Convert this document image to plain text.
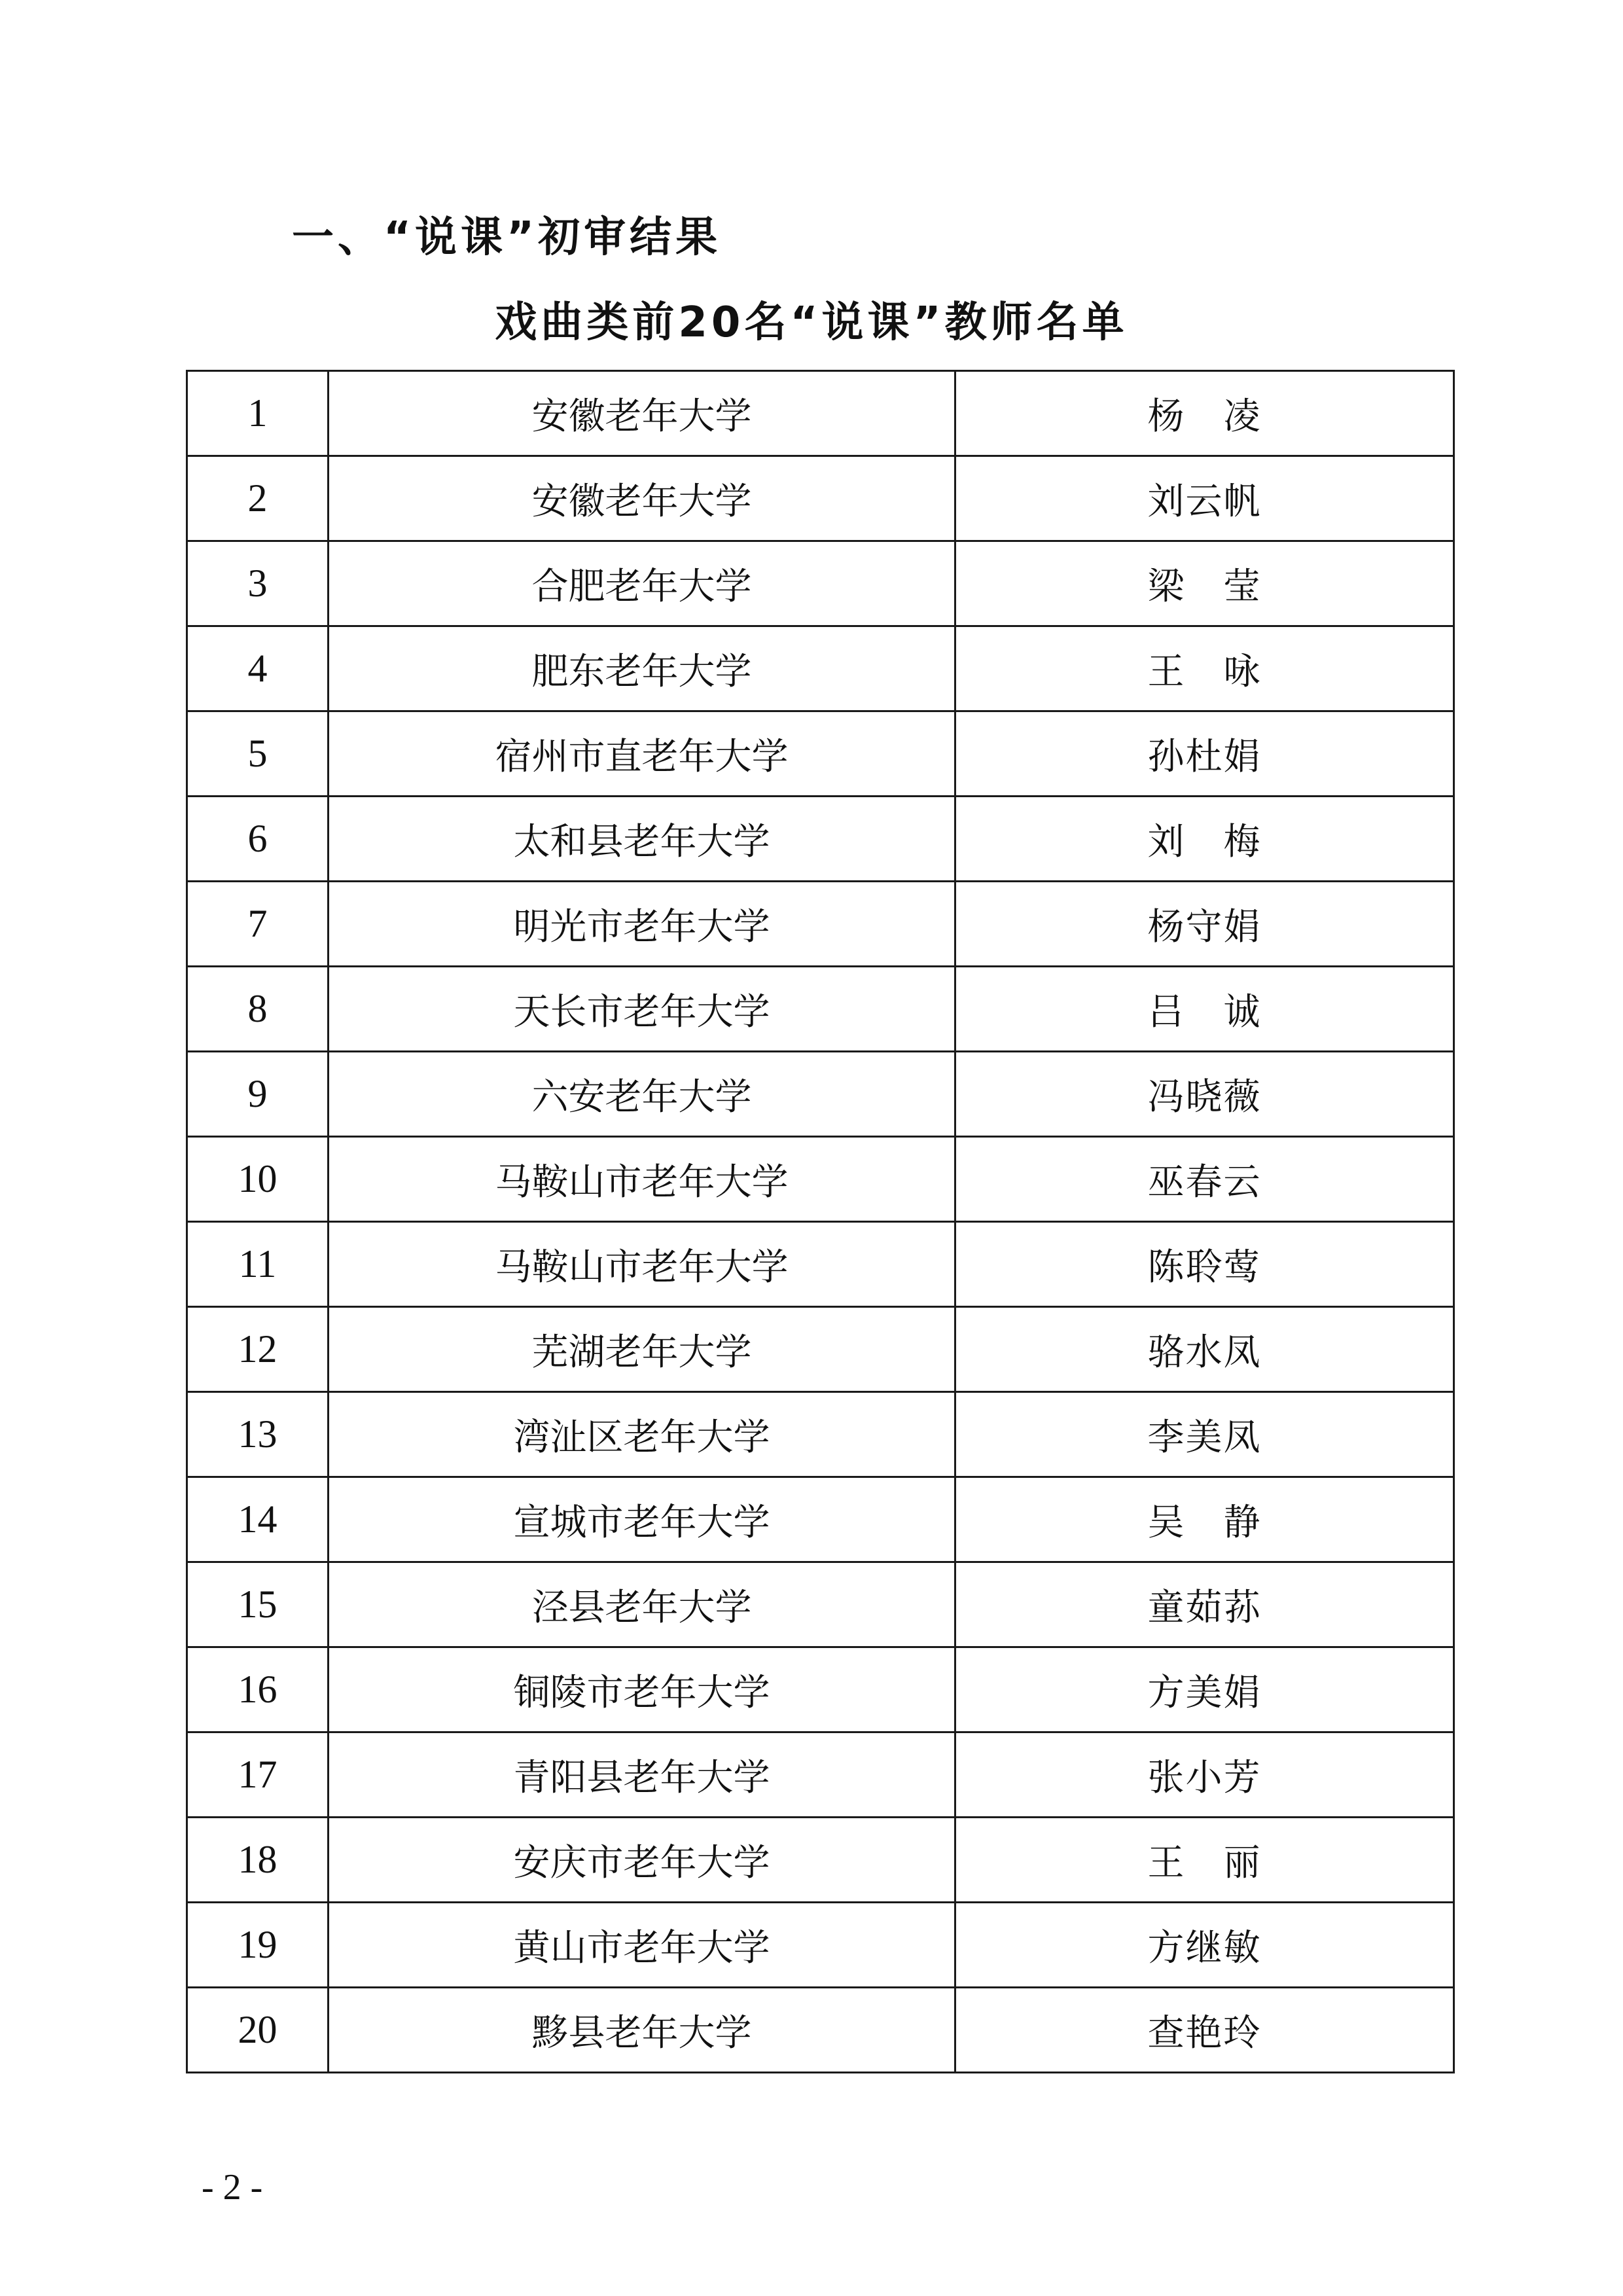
一、“说课”初审结果
戏曲类前20名“说课”教师名单
1	安徽老年大学	杨　凌
2	安徽老年大学	刘云帆
3	合肥老年大学	梁　莹
4	肥东老年大学	王　咏
5	宿州市直老年大学	孙杜娟
6	太和县老年大学	刘　梅
7	明光市老年大学	杨守娟
8	天长市老年大学	吕　诚
9	六安老年大学	冯晓薇
10	马鞍山市老年大学	巫春云
11	马鞍山市老年大学	陈聆莺
12	芜湖老年大学	骆水凤
13	湾沚区老年大学	李美凤
14	宣城市老年大学	吴　静
15	泾县老年大学	童茹荪
16	铜陵市老年大学	方美娟
17	青阳县老年大学	张小芳
18	安庆市老年大学	王　丽
19	黄山市老年大学	方继敏
20	黟县老年大学	查艳玲
- 2 -
